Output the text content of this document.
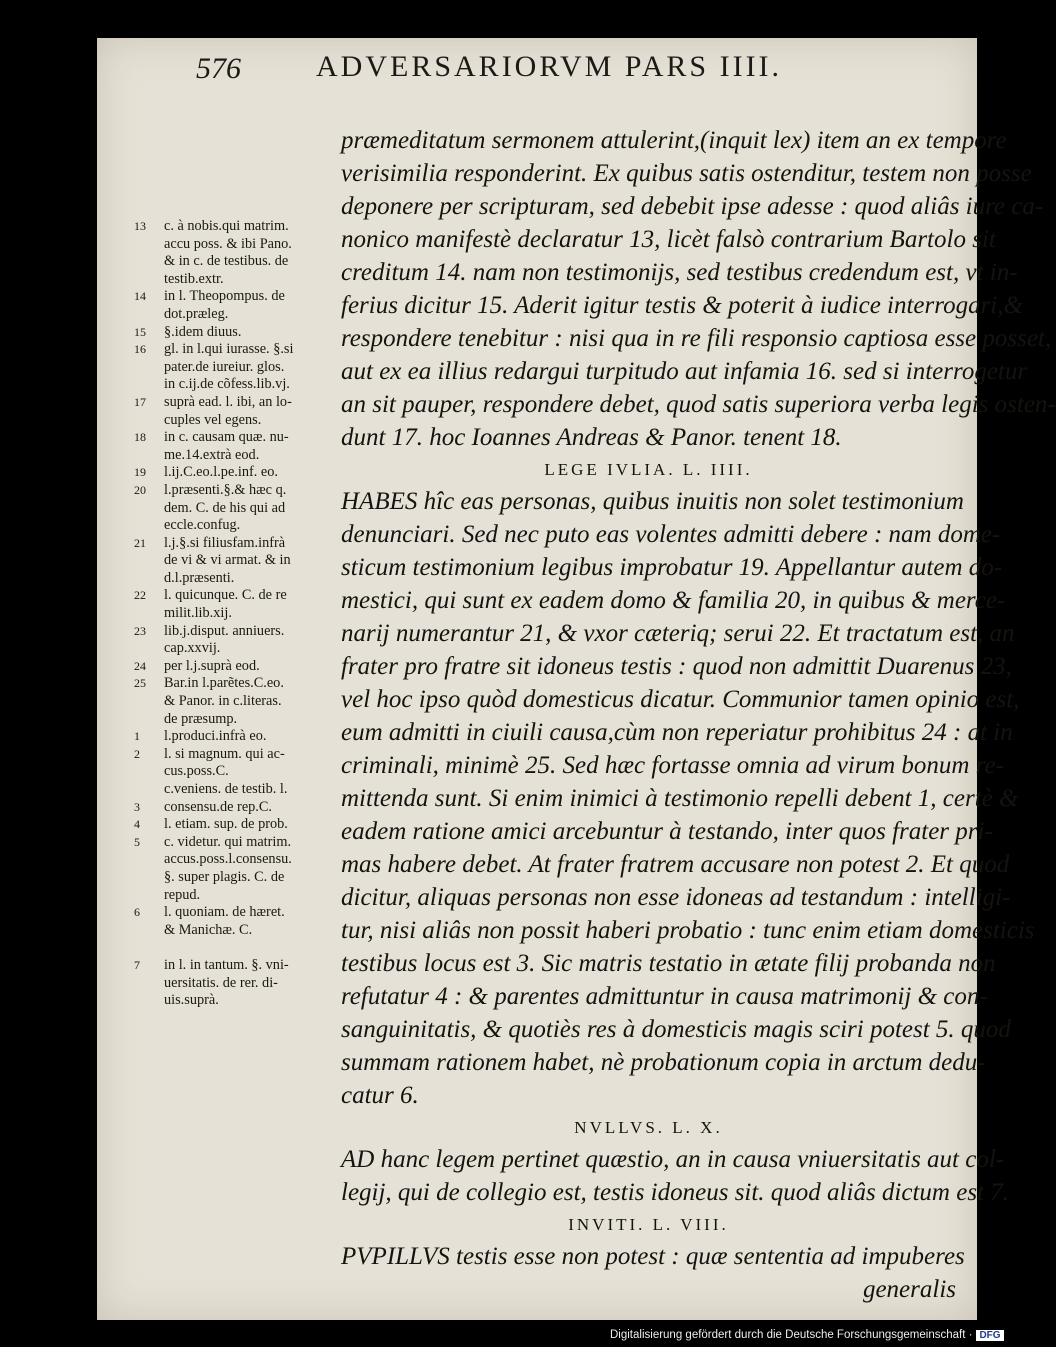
576	ADVERSARIORVM PARS IIII.
præmeditatum sermonem attulerint,(inquit lex) item an ex tempore
verisimilia responderint. Ex quibus satis ostenditur, testem non posse
deponere per scripturam, sed debebit ipse adesse : quod aliâs iure ca-
nonico manifestè declaratur 13, licèt falsò contrarium Bartolo sit
creditum 14. nam non testimonijs, sed testibus credendum est, vt in-
ferius dicitur 15. Aderit igitur testis & poterit à iudice interrogari,&
respondere tenebitur : nisi qua in re fili responsio captiosa esse posset,
aut ex ea illius redargui turpitudo aut infamia 16. sed si interrogetur
an sit pauper, respondere debet, quod satis superiora verba legis osten-
dunt 17. hoc Ioannes Andreas & Panor. tenent 18.
LEGE IVLIA. L. IIII.
HABES hîc eas personas, quibus inuitis non solet testimonium
denunciari. Sed nec puto eas volentes admitti debere : nam dome-
sticum testimonium legibus improbatur 19. Appellantur autem do-
mestici, qui sunt ex eadem domo & familia 20, in quibus & merce-
narij numerantur 21, & vxor cæteriq; serui 22. Et tractatum est, an
frater pro fratre sit idoneus testis : quod non admittit Duarenus 23,
vel hoc ipso quòd domesticus dicatur. Communior tamen opinio est,
eum admitti in ciuili causa,cùm non reperiatur prohibitus 24 : at in
criminali, minimè 25. Sed hæc fortasse omnia ad virum bonum re-
mittenda sunt. Si enim inimici à testimonio repelli debent 1, certè &
eadem ratione amici arcebuntur à testando, inter quos frater pri-
mas habere debet. At frater fratrem accusare non potest 2. Et quod
dicitur, aliquas personas non esse idoneas ad testandum : intelligi-
tur, nisi aliâs non possit haberi probatio : tunc enim etiam domesticis
testibus locus est 3. Sic matris testatio in ætate filij probanda non
refutatur 4 : & parentes admittuntur in causa matrimonij & con-
sanguinitatis, & quotiès res à domesticis magis sciri potest 5. quod
summam rationem habet, nè probationum copia in arctum dedu-
catur 6.
NVLLVS. L. X.
AD hanc legem pertinet quæstio, an in causa vniuersitatis aut col-
legij, qui de collegio est, testis idoneus sit. quod aliâs dictum est 7.
INVITI. L. VIII.
PVPILLVS testis esse non potest : quæ sententia ad impuberes
generalis
13 c. à nobis.qui matrim.
accu poss. & ibi Pano.
& in c. de testibus. de
testib.extr.
14 in l. Theopompus. de
dot.præleg.
15 §.idem diuus.
16 gl. in l.qui iurasse. §.si
pater.de iureiur. glos.
in c.ij.de cõfess.lib.vj.
17 suprà ead. l. ibi, an lo-
cuples vel egens.
18 in c. causam quæ. nu-
me.14.extrà eod.
19 l.ij.C.eo.l.pe.inf. eo.
20 l.præsenti.§.& hæc q.
dem. C. de his qui ad
eccle.confug.
21 l.j.§.si filiusfam.infrà
de vi & vi armat. & in
d.l.præsenti.
22 l. quicunque. C. de re
milit.lib.xij.
23 lib.j.disput. anniuers.
cap.xxvij.
24 per l.j.suprà eod.
25 Bar.in l.parẽtes.C.eo.
& Panor. in c.literas.
de præsump.
1 l.produci.infrà eo.
2 l. si magnum. qui ac-
cus.poss.C.
c.veniens. de testib. l.
3 consensu.de rep.C.
4 l. etiam. sup. de prob.
5 c. videtur. qui matrim.
accus.poss.l.consensu.
§. super plagis. C. de
repud.
6 l. quoniam. de hæret.
& Manichæ. C.
7 in l. in tantum. §. vni-
uersitatis. de rer. di-
uis.suprà.
Digitalisierung gefördert durch die Deutsche Forschungsgemeinschaft · DFG
